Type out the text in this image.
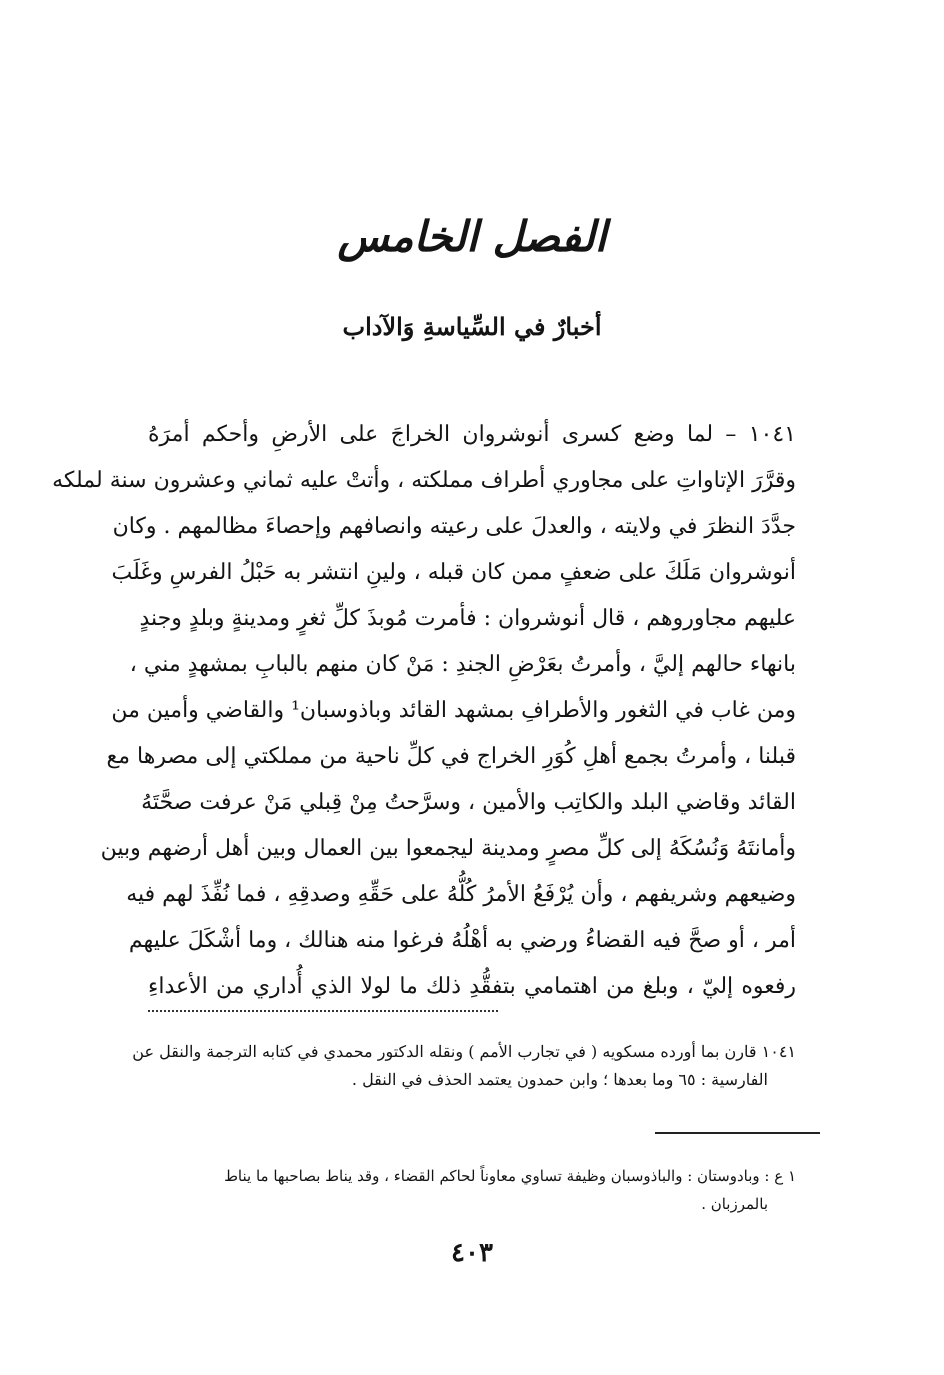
الفصل الخامس
أخبارٌ في السِّياسةِ وَالآداب
١٠٤١ – لما وضع كسرى أنوشروان الخراجَ على الأرضِ وأحكم أمرَهُ
وقرَّرَ الإتاواتِ على مجاوري أطراف مملكته ، وأتتْ عليه ثماني وعشرون سنة لملكه
جدَّدَ النظرَ في ولايته ، والعدلَ على رعيته وانصافهم وإحصاءَ مظالمهم . وكان
أنوشروان مَلَكَ على ضعفٍ ممن كان قبله ، ولينِ انتشر به حَبْلُ الفرسِ وغَلَبَ
عليهم مجاوروهم ، قال أنوشروان : فأمرت مُوبذَ كلِّ ثغرٍ ومدينةٍ وبلدٍ وجندٍ
بانهاء حالهم إليَّ ، وأمرتُ بعَرْضِ الجندِ : مَنْ كان منهم بالبابِ بمشهدٍ مني ،
ومن غاب في الثغور والأطرافِ بمشهد القائد وباذوسبان¹ والقاضي وأمين من
قبلنا ، وأمرتُ بجمع أهلِ كُوَرِ الخراج في كلِّ ناحية من مملكتي إلى مصرها مع
القائد وقاضي البلد والكاتِب والأمين ، وسرَّحتُ مِنْ قِبلي مَنْ عرفت صحَّتَهُ
وأمانتَهُ وَنُسُكَهُ إلى كلِّ مصرٍ ومدينة ليجمعوا بين العمال وبين أهل أرضهم وبين
وضيعهم وشريفهم ، وأن يُرْفَعُ الأمرُ كُلُّهُ على حَقِّهِ وصدقِهِ ، فما نُفِّذَ لهم فيه
أمر ، أو صحَّ فيه القضاءُ ورضي به أهْلُهُ فرغوا منه هنالك ، وما أشْكَلَ عليهم
رفعوه إليّ ، وبلغ من اهتمامي بتفقُّدِ ذلك ما لولا الذي أُداري من الأعداءِ
١٠٤١ قارن بما أورده مسكويه ( في تجارب الأمم ) ونقله الدكتور محمدي في كتابه الترجمة والنقل عن
الفارسية : ٦٥ وما بعدها ؛ وابن حمدون يعتمد الحذف في النقل .
١ ع : وبادوستان : والباذوسبان وظيفة تساوي معاوناً لحاكم القضاء ، وقد يناط بصاحبها ما يناط
بالمرزبان .
٤٠٣
